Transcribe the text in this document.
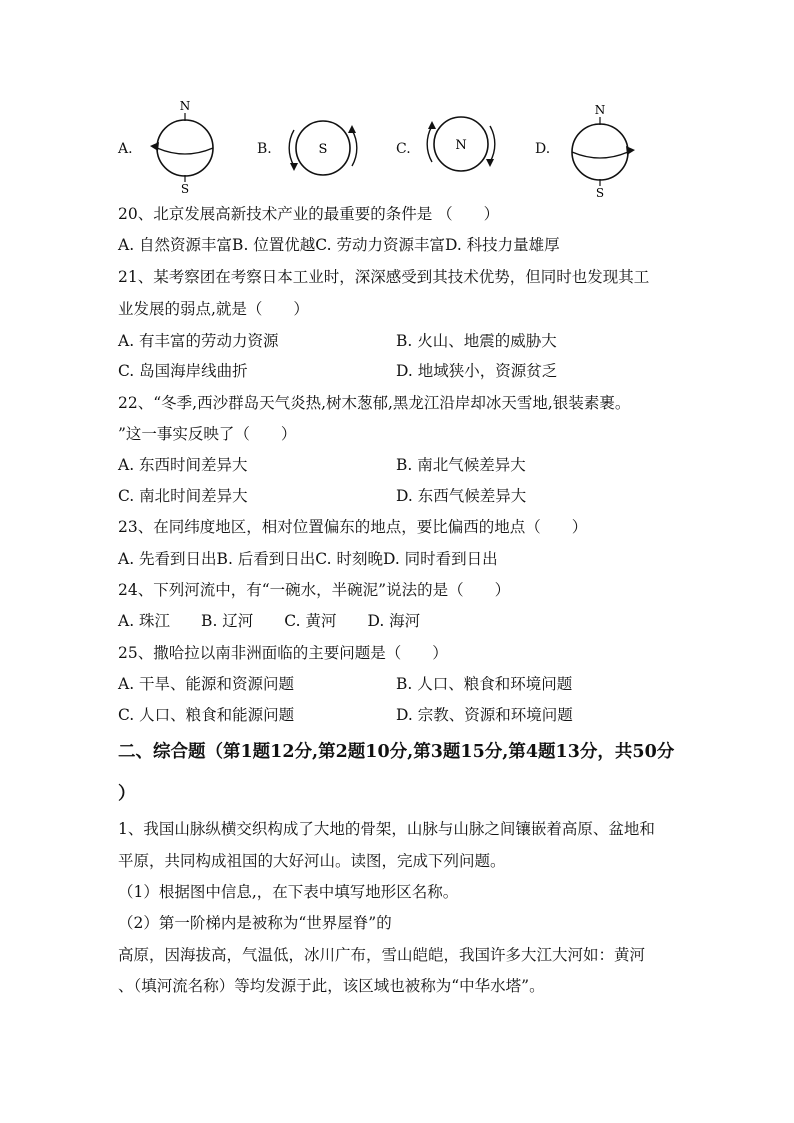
A.
N
S
B.	S	C.	N	D.
N
S
20、北京发展高新技术产业的最重要的条件是 （　　）
A. 自然资源丰富B. 位置优越C. 劳动力资源丰富D. 科技力量雄厚
21、某考察团在考察日本工业时，深深感受到其技术优势，但同时也发现其工
业发展的弱点,就是（　　）
A. 有丰富的劳动力资源	B. 火山、地震的威胁大
C. 岛国海岸线曲折	D. 地域狭小，资源贫乏
22、“冬季,西沙群岛天气炎热,树木葱郁,黑龙江沿岸却冰天雪地,银装素裹。
”这一事实反映了（　　）
A. 东西时间差异大	B. 南北气候差异大
C. 南北时间差异大	D. 东西气候差异大
23、在同纬度地区，相对位置偏东的地点，要比偏西的地点（　　）
A. 先看到日出B. 后看到日出C. 时刻晚D. 同时看到日出
24、下列河流中，有“一碗水，半碗泥”说法的是（　　）
A. 珠江　　B. 辽河　　C. 黄河　　D. 海河
25、撒哈拉以南非洲面临的主要问题是（　　）
A. 干旱、能源和资源问题	B. 人口、粮食和环境问题
C. 人口、粮食和能源问题	D. 宗教、资源和环境问题
二、综合题（第1题12分,第2题10分,第3题15分,第4题13分，共50分
）
1、我国山脉纵横交织构成了大地的骨架，山脉与山脉之间镶嵌着高原、盆地和
平原，共同构成祖国的大好河山。读图，完成下列问题。
（1）根据图中信息,，在下表中填写地形区名称。
（2）第一阶梯内是被称为“世界屋脊”的
高原，因海拔高，气温低，冰川广布，雪山皑皑，我国许多大江大河如：黄河
、（填河流名称）等均发源于此，该区域也被称为“中华水塔”。
